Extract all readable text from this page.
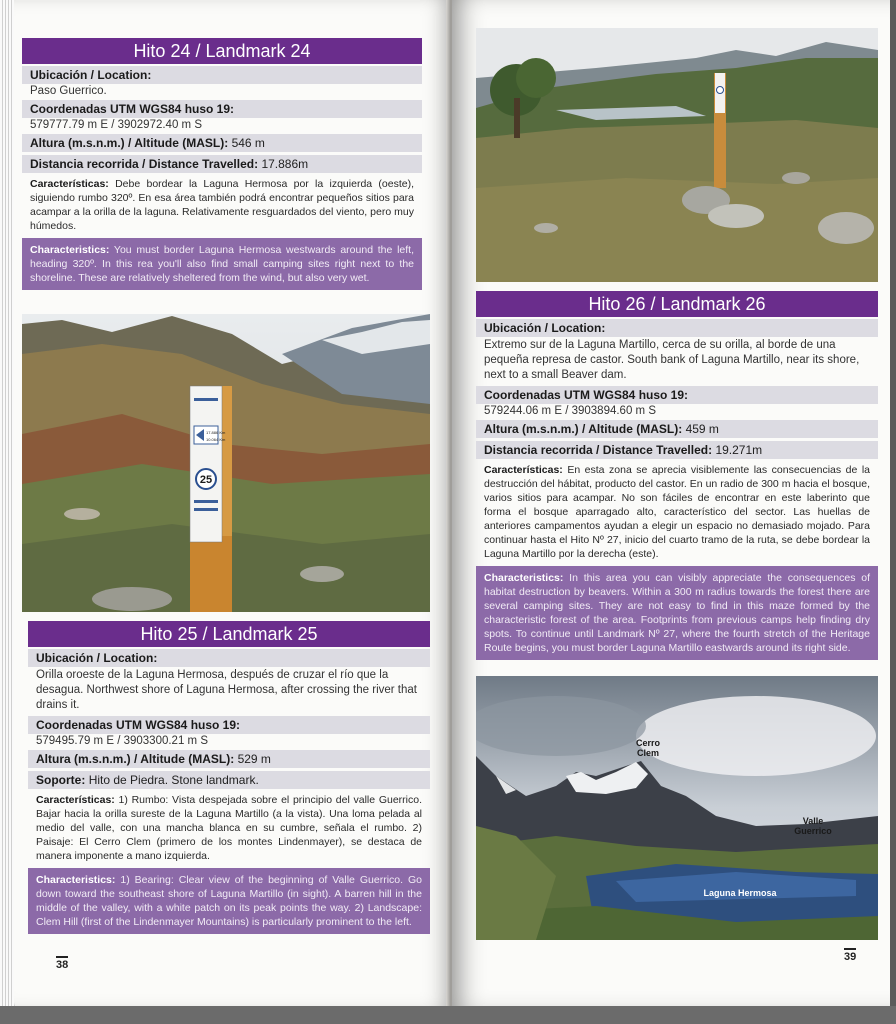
Hito 24 / Landmark 24
Ubicación / Location:
Paso Guerrico.
Coordenadas UTM WGS84 huso 19:
579777.79 m E / 3902972.40 m S
Altura (m.s.n.m.) / Altitude (MASL): 546 m
Distancia recorrida / Distance Travelled: 17.886m
Características: Debe bordear la Laguna Hermosa por la izquierda (oeste), siguiendo rumbo 320º. En esa área también podrá encontrar pequeños sitios para acampar a la orilla de la laguna. Relativamente resguardados del viento, pero muy húmedos.
Characteristics: You must border Laguna Hermosa westwards around the left, heading 320º. In this rea you'll also find small camping sites right next to the shoreline. These are relatively sheltered from the wind, but also very wet.
17.886 Km
10.064 Km
25
Hito 25 / Landmark 25
Ubicación / Location:
Orilla oroeste de la Laguna Hermosa, después de cruzar el río que la desagua. Northwest shore of Laguna Hermosa, after crossing the river that drains it.
Coordenadas UTM WGS84 huso 19:
579495.79 m E / 3903300.21 m S
Altura (m.s.n.m.) / Altitude (MASL): 529 m
Soporte: Hito de Piedra. Stone landmark.
Características: 1) Rumbo: Vista despejada sobre el principio del valle Guerrico. Bajar hacia la orilla sureste de la Laguna Martillo (a la vista). Una loma pelada al medio del valle, con una mancha blanca en su cumbre, señala el rumbo. 2) Paisaje: El Cerro Clem (primero de los montes Lindenmayer), se destaca de manera imponente a mano izquierda.
Characteristics: 1) Bearing: Clear view of the beginning of Valle Guerrico. Go down toward the southeast shore of Laguna Martillo (in sight). A barren hill in the middle of the valley, with a white patch on its peak points the way. 2) Landscape: Clem Hill (first of the Lindenmayer Mountains) is particularly prominent to the left.
38
Hito 26 / Landmark 26
Ubicación / Location:
Extremo sur de la Laguna Martillo, cerca de su orilla, al borde de una pequeña represa de castor. South bank of Laguna Martillo, near its shore, next to a small Beaver dam.
Coordenadas UTM WGS84 huso 19:
579244.06 m E / 3903894.60 m S
Altura (m.s.n.m.) / Altitude (MASL): 459 m
Distancia recorrida / Distance Travelled: 19.271m
Características: En esta zona se aprecia visiblemente las consecuencias de la destrucción del hábitat, producto del castor. En un radio de 300 m hacia el bosque, varios sitios para acampar. No son fáciles de encontrar en este laberinto que forma el bosque aparragado alto, característico del sector. Las huellas de anteriores campamentos ayudan a elegir un espacio no demasiado mojado. Para continuar hasta el Hito Nº 27, inicio del cuarto tramo de la ruta, se debe bordear la Laguna Martillo por la derecha (este).
Characteristics: In this area you can visibly appreciate the consequences of habitat destruction by beavers. Within a 300 m radius towards the forest there are several camping sites. They are not easy to find in this maze formed by the characteristic forest of the area. Footprints from previous camps help finding dry spots. To continue until Landmark Nº 27, where the fourth stretch of the Heritage Route begins, you must border Laguna Martillo eastwards around its right side.
Cerro Clem
Valle Guerrico
Laguna Hermosa
39
